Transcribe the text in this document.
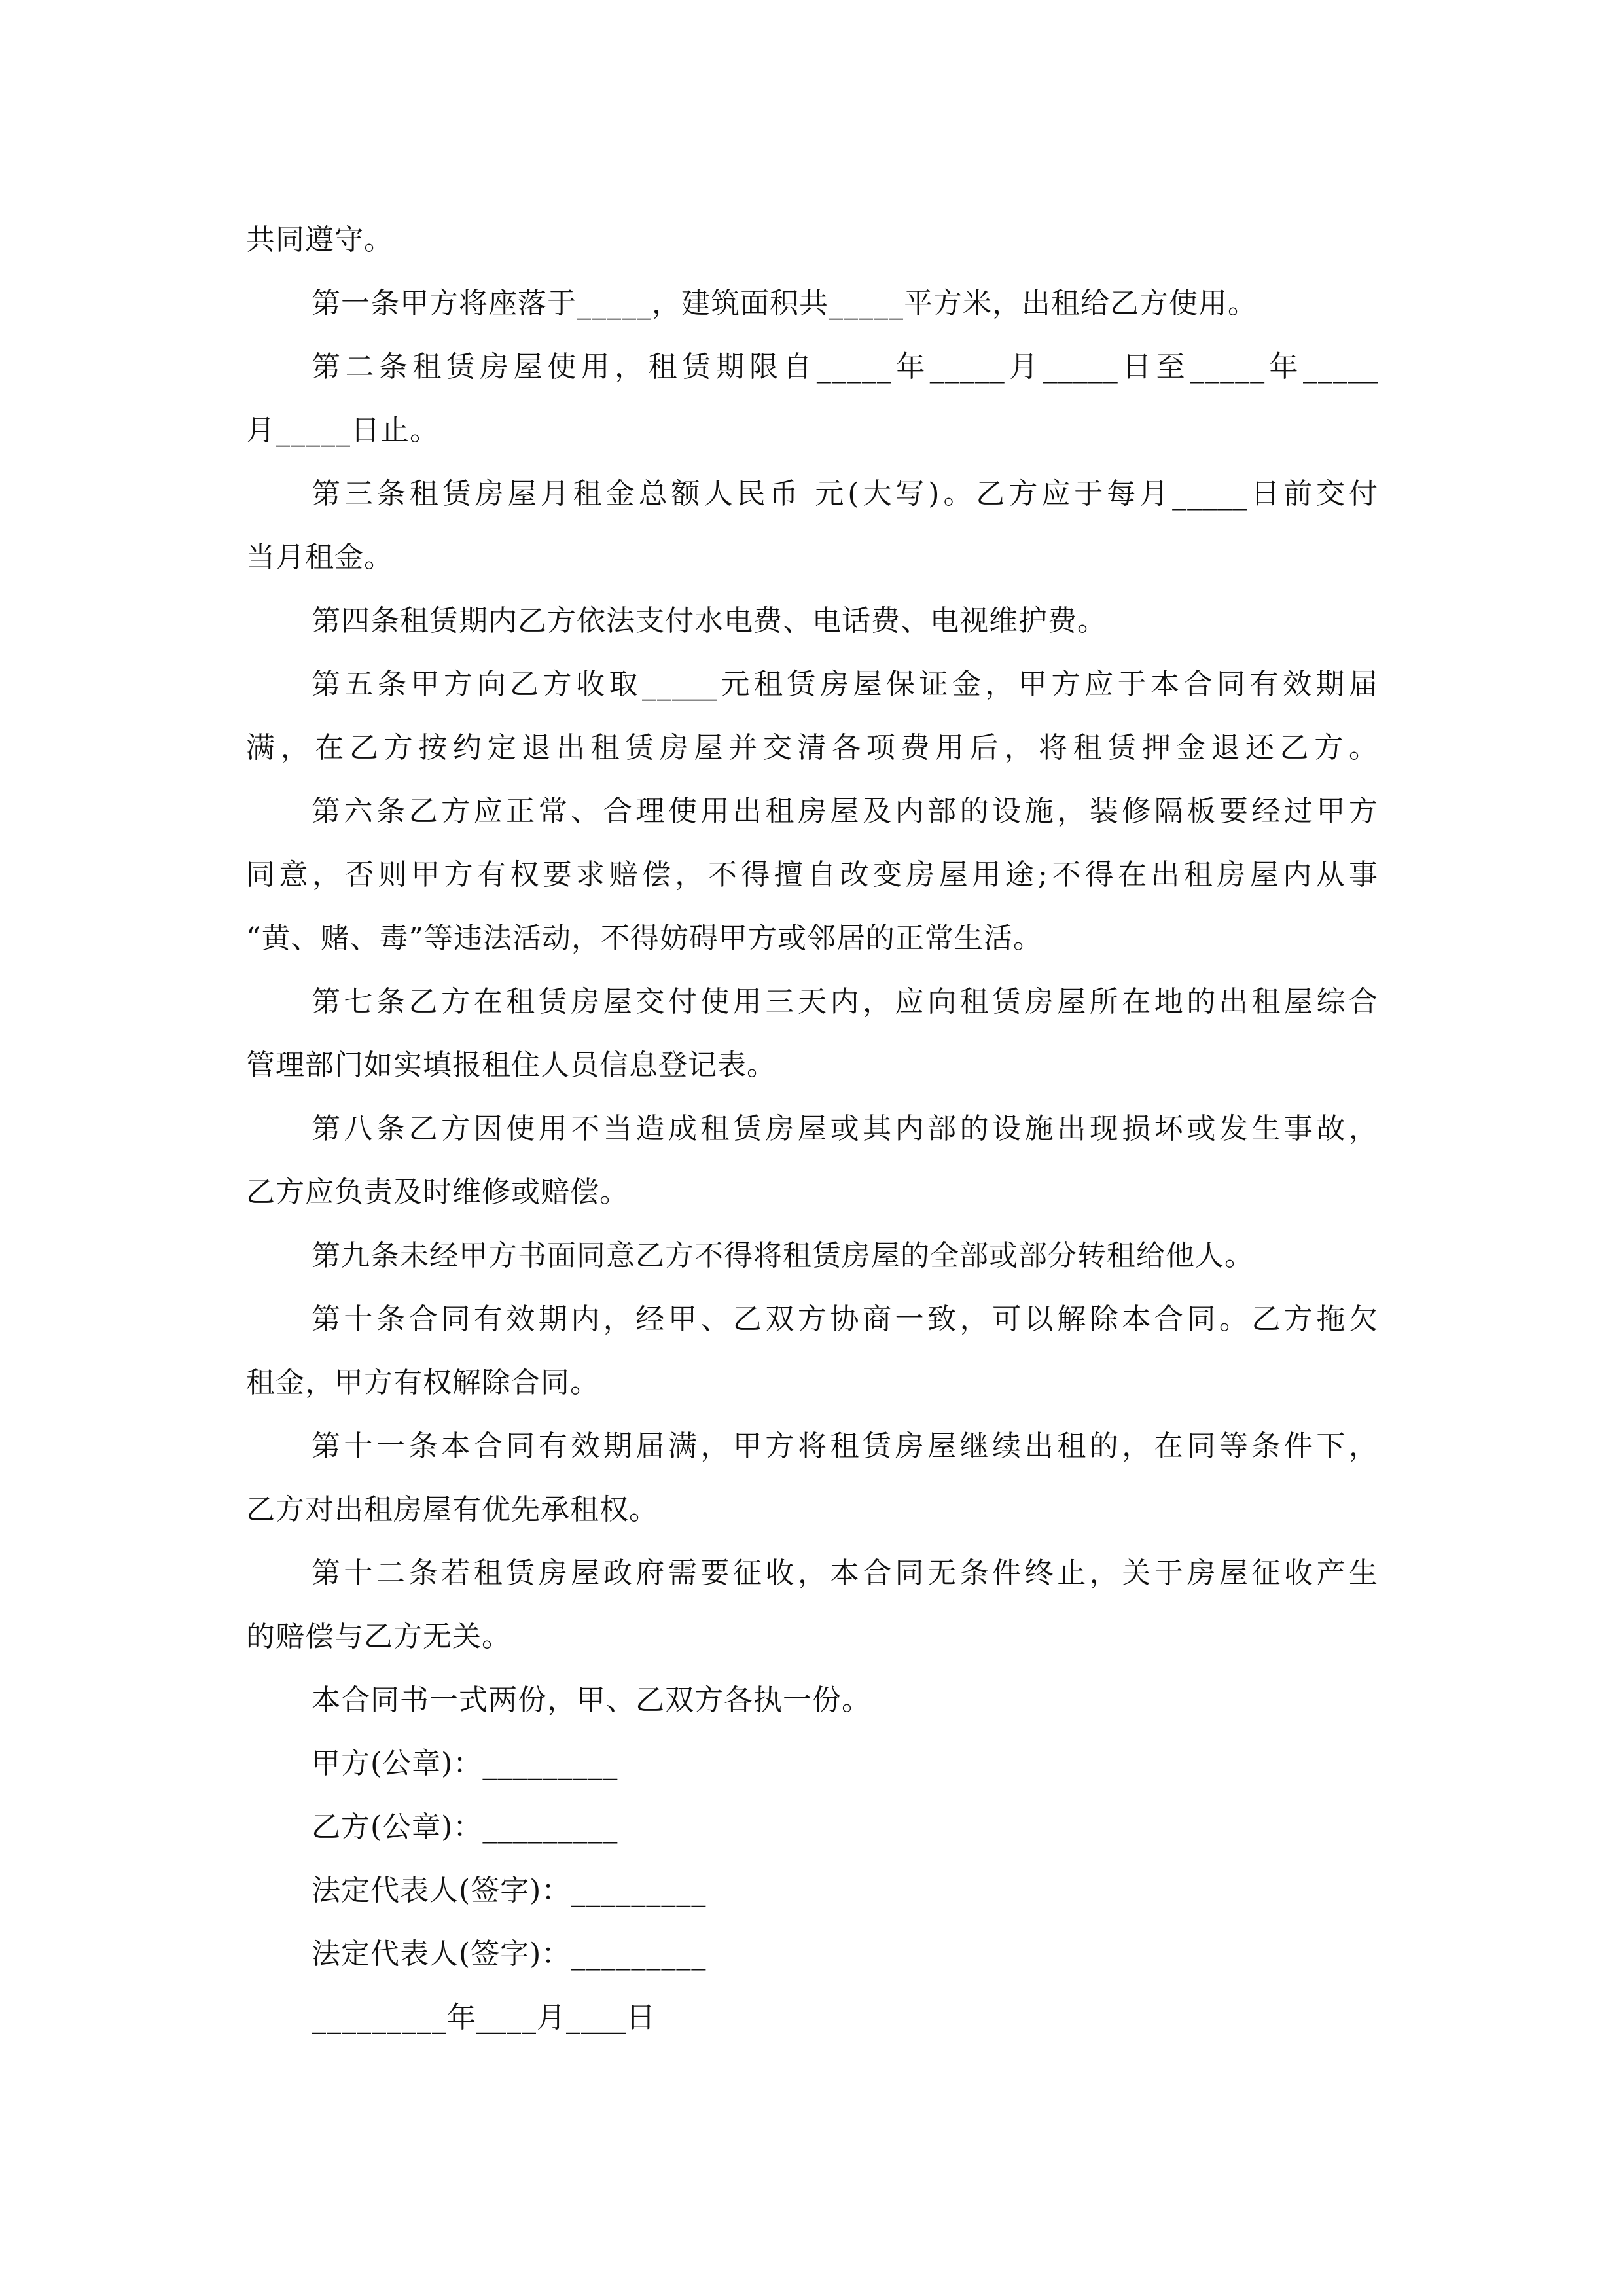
共同遵守。
第一条甲方将座落于_____，建筑面积共_____平方米，出租给乙方使用。
第二条租赁房屋使用，租赁期限自_____年_____月_____日至_____年_____
月_____日止。
第三条租赁房屋月租金总额人民币 元(大写)。乙方应于每月_____日前交付
当月租金。
第四条租赁期内乙方依法支付水电费、电话费、电视维护费。
第五条甲方向乙方收取_____元租赁房屋保证金，甲方应于本合同有效期届
满，在乙方按约定退出租赁房屋并交清各项费用后，将租赁押金退还乙方。
第六条乙方应正常、合理使用出租房屋及内部的设施，装修隔板要经过甲方
同意，否则甲方有权要求赔偿，不得擅自改变房屋用途;不得在出租房屋内从事
“黄、赌、毒”等违法活动，不得妨碍甲方或邻居的正常生活。
第七条乙方在租赁房屋交付使用三天内，应向租赁房屋所在地的出租屋综合
管理部门如实填报租住人员信息登记表。
第八条乙方因使用不当造成租赁房屋或其内部的设施出现损坏或发生事故，
乙方应负责及时维修或赔偿。
第九条未经甲方书面同意乙方不得将租赁房屋的全部或部分转租给他人。
第十条合同有效期内，经甲、乙双方协商一致，可以解除本合同。乙方拖欠
租金，甲方有权解除合同。
第十一条本合同有效期届满，甲方将租赁房屋继续出租的，在同等条件下，
乙方对出租房屋有优先承租权。
第十二条若租赁房屋政府需要征收，本合同无条件终止，关于房屋征收产生
的赔偿与乙方无关。
本合同书一式两份，甲、乙双方各执一份。
甲方(公章)：_________
乙方(公章)：_________
法定代表人(签字)：_________
法定代表人(签字)：_________
_________年____月____日
